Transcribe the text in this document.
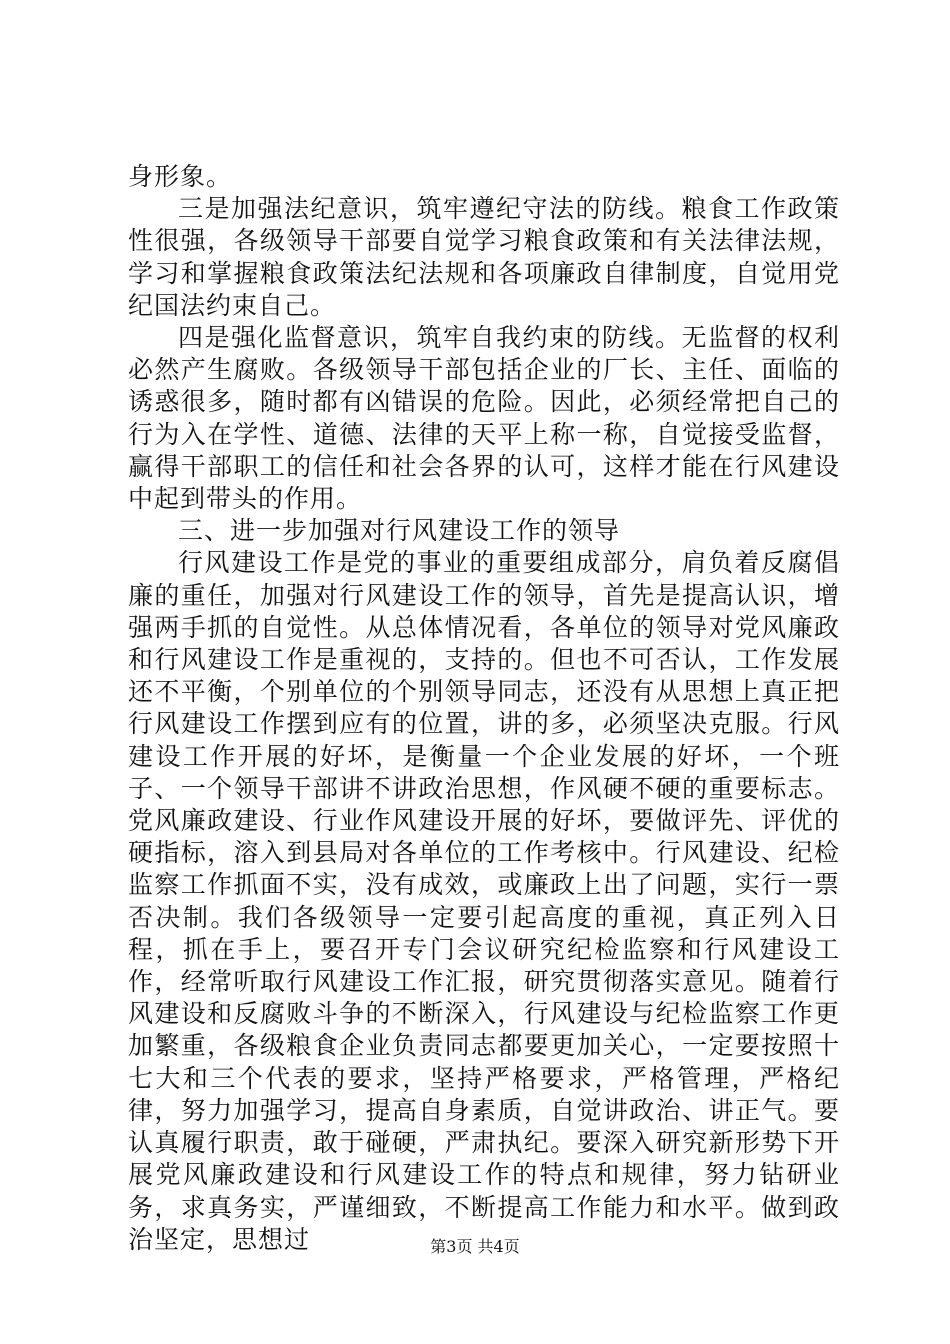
身形象。

三是加强法纪意识，筑牢遵纪守法的防线。粮食工作政策性很强，各级领导干部要自觉学习粮食政策和有关法律法规，学习和掌握粮食政策法纪法规和各项廉政自律制度，自觉用党纪国法约束自己。

四是强化监督意识，筑牢自我约束的防线。无监督的权利必然产生腐败。各级领导干部包括企业的厂长、主任、面临的诱惑很多，随时都有凶错误的危险。因此，必须经常把自己的行为入在学性、道德、法律的天平上称一称，自觉接受监督，赢得干部职工的信任和社会各界的认可，这样才能在行风建设中起到带头的作用。

三、进一步加强对行风建设工作的领导

行风建设工作是党的事业的重要组成部分，肩负着反腐倡廉的重任，加强对行风建设工作的领导，首先是提高认识，增强两手抓的自觉性。从总体情况看，各单位的领导对党风廉政和行风建设工作是重视的，支持的。但也不可否认，工作发展还不平衡，个别单位的个别领导同志，还没有从思想上真正把行风建设工作摆到应有的位置，讲的多，必须坚决克服。行风建设工作开展的好坏，是衡量一个企业发展的好坏，一个班子、一个领导干部讲不讲政治思想，作风硬不硬的重要标志。党风廉政建设、行业作风建设开展的好坏，要做评先、评优的硬指标，溶入到县局对各单位的工作考核中。行风建设、纪检监察工作抓面不实，没有成效，或廉政上出了问题，实行一票否决制。我们各级领导一定要引起高度的重视，真正列入日程，抓在手上，要召开专门会议研究纪检监察和行风建设工作，经常听取行风建设工作汇报，研究贯彻落实意见。随着行风建设和反腐败斗争的不断深入，行风建设与纪检监察工作更加繁重，各级粮食企业负责同志都要更加关心，一定要按照十七大和三个代表的要求，坚持严格要求，严格管理，严格纪律，努力加强学习，提高自身素质，自觉讲政治、讲正气。要认真履行职责，敢于碰硬，严肃执纪。要深入研究新形势下开展党风廉政建设和行风建设工作的特点和规律，努力钻研业务，求真务实，严谨细致，不断提高工作能力和水平。做到政治坚定，思想过	第3页 共4页
